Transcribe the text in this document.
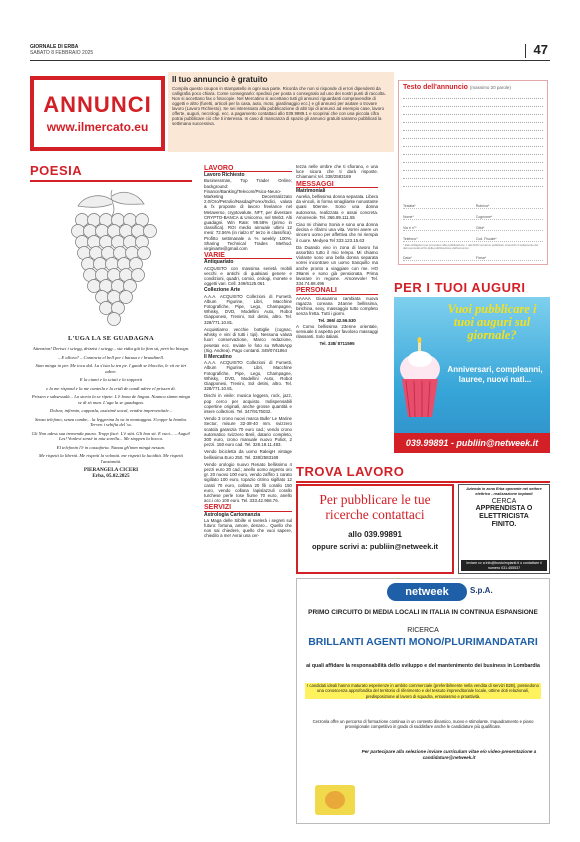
GIORNALE DI ERBA
SABATO 8 FEBBRAIO 2025	47
ANNUNCI
www.ilmercato.eu
Il tuo annuncio è gratuito

Compila questo coupon in stampatello in ogni sua parte. Ricorda che non si risponde di errori dipendenti da calligrafia poco chiara. Come consegnarlo: spedisci per posta o consegnalo ad uno dei nostri punti di raccolta. Non si accettano fax o fotocopie. Nel Mercatino si accettano tutti gli annunci riguardanti compravendite di oggetti e altro (furetti, articoli per la casa, auto, moto, giardinaggio ecc.) e gli annunci per aiutare o trovare lavoro (Lavoro Richiesto). Se sei interessato alla pubblicazione di altri tipi di annunci ad esempio case, lavoro offerte, auguri, necrologi, ecc. a pagamento contattaci allo 039.9989.1 e scoprirai che con una piccola cifra potrai pubblicare ciò che ti interessa. In caso di mancanza di spazio gli annunci gratuiti saranno pubblicati la settimana successiva.

Testo dell'annuncio (massimo 20 parole)
Testata*	Rubrica*
Nome*	Cognome*
Via e n°*	Città*
Telefono*	Cod. Fiscale*
* Dati obbligatori per procedere alla pubblicazione. I dati NON verranno pubblicati. Autorizzo il trattamento dei dati personali ai fini della pubblicazione dell'annuncio.
Data*	Firma*
POESIA
L'UGA LA SE GUADAGNA
Attenzion! Derisci i sciegg, drizzisi i sciegg... sta vidta giù la finn sù, però ho bisogn.
– E allora? – Comincia el bell per i batusa e i brandinell.
Stan minga in per. Me toca dal. La s'ista lu ten pe. I gandi se bloccha, le vit ne tiri adree.
E la ciami e la sciati e la sopporti
e la me rispond e la me canteila e la cridi de candì adree el prissen di.
Prissen e sabsessalà... La storia la se ripete. L'è bona de lingua. Nuanca sùmm minga se dì sò man. L'uga la se guadagna.
Dolsor, infirmin, cappasla, assisimè uocal, vendra impreventiale...
Senza telefono, senza cambe... la leggerina la va in montaggna. S'coppe la bomba. Terven i sebifia del 'ss.
Gli Non adess sua tremenda paura. Tropp fiscè. L'è stàt. Gli bon sit. E vuoi... – Augui! Les! Vonlevi sensè in mia sorella... Me stoppen la bocca.
El telefonin l'è in cassaforta. Nanau gh'imm mingà nessun.
Me rispetti la libertà. Me rispetti la volontà. me rispetti la lucidità. Me rispetti l'anzianità.
PIERANGELA CICERI
Erba, 05.02.2025
LAVORO
Lavoro Richiesto
Businessman, Top Trader Online; background: Finance/Banking/Telecom/Psico-Neuro-Marketing Decentralizzato 2.0/Oro/Petrolio/Nasdaq/Forex/Indici, valuta & fx proposte di lavoro freelance nel Metaverso, cryptovalute, NFT, per diventare CRYPTO-BANCA & Unicorno, nel Web3. Alti guadagni. Win Rate: 99.58% (primo in classifica). ROI medio annuale ultimi 12 mesi: 72.56% (in rialzo 8° terzo in classifica). Profitto settimanale a % weekly 100%. Sharing Technical Trades Method. virginiarte@gmail.com
VARIE
Antiquariato
ACQUISTO con massima serietà mobili vecchi e antichi di qualsiasi genere e condizioni, quadri, comici, orologi, monete e oggetti vari. Cell. 349/6125.061
Collezione Arte
A.A.A. ACQUISTO Collezioni di Fumetti, Album Figurine, Libri, Macchine Fotografiche, Pipe, Lego, Champagne, Whisky, DVD, Modellini Auto, Robot Giapponesi, Trenini, Sol detini, altro. Tel. 328/771.10.81.
Acquistiamo vecchie bottiglie (cognac, whisky e vini di tutti i tipi). Nessuna valuta fuori conservazione, Marco redazione, pesetas ecc. Inviate le foto su WhatsApp (Sig. Andrea). Pago contanti. 349/0741864
Il Mercatino
A.A.A. ACQUISTO Collezioni di Fumetti, Album Figurine, Libri, Macchine Fotografiche, Pipe, Lego, Champagne, Whisky, DVD, Modellini Auto, Robot Giapponesi, Trenini, Sol detini, altro. Tel. 328/771.10.81.
Dischi in vinile: musica leggera, rock, jazz, pop cerco per acquisto. Indispensabili copertine originali, anche grosse quantità e intere collezioni. Tel. 347/9175032.
Vendo 3 crono nuovi marca Bulle' Le Marine Sector, misure 32-38-40 mm. svizzero scatola garanzia 70 euro cad.; vendo crono automatico svizzero Breil, datario completo, 300 euro, crono manuale nuovo Poliot, 2 pezzi. 150 euro cad. Tel. 328.18.11.483.
Vendo bicicletta da uomo RaleigH vintage bellissima Euro 250. Tel. 338/2583169
Vendo orologio nuovo Renato bellissimo 4 pezzi euro 20 cad.; anello uomo argento oro gr. 20 nuovo 100 euro, vendo zaffiro 1 carato sigillato 100 euro, topazio citrino sigillato 12 carati 70 euro, collana 20 fili corallo 150 euro, vendo collana lapislazzuli corallo turchese perle rose fiume 70 euro, anello acc.i oro 100 euro. Tel. 333.42.966.76.
SERVIZI
Astrologia Cartomanzia
La Maga delle Sibille vi svelerà i segreti sul futuro: fortuna, amore, denaro... Quello che non sai chiedere, quello che vuoi sapere, chiedilo a me! Avrai una cer-
tezza nelle ombre che ti sfiorano, e una luce sicura che ti darà risposte. Chiamami: tel. 338/2583169
MESSAGGI
Matrimoniali
Aurelia, bellissima donna separata. Libera da vincoli, in forma smagliante nonostante quasi 50enne. Sono una donna autonoma, realizzata e assai concreta. Amorevole. Tel. 366.89.111.55
Ciao mi chiamo Sonia e sono una donna decisa e rifarmi una vita. Vorrei avere un sincero uomo per affettiva che mi riempia il cuore. Medyea Tel 333.123.15.63
Da Duando vivo in zona di lavoro ha assorbito tutto il mio tempo. Mi chiamo Violante sono una bella donna separata vorrei incontrare un uomo tranquillo ma anche pronto a viaggiare con me. HO 39anni e sono già pensionata. Prima lavorare in regione. Amorevole! Tel. 334.74.88.496
PERSONALI
AAAAA Giusuanno cambiata nuova ragazza coreana 24anne bellissima, birichina, sexy, massaggio tutto completo senza fretta. Tutti i giorni.
Tel. 366/ 42.56.530
A Como bellissima 23enne orientale, sensuale ti aspetta per favoloso massaggi rilassanti. Solo italiani.
Tel. 338/ 8711595
PER I TUOI AUGURI
Vuoi pubblicare i tuoi auguri sul giornale?
Anniversari, compleanni, lauree, nuovi nati...
039.99891 - publiin@netweek.it
TROVA LAVORO
Per pubblicare le tue ricerche contattaci
allo 039.99891
oppure scrivi a: publiin@netweek.it
Azienda in zona Erba operante nel settore elettrico - realizzazione impianti
CERCA
APPRENDISTA O ELETTRICISTA
FINITO.
Inviare cv a info@bustoimpianti.it o contattare il numero 031.455537
netweek	S.p.A.
PRIMO CIRCUITO DI MEDIA LOCALI IN ITALIA IN CONTINUA ESPANSIONE
RICERCA
BRILLANTI AGENTI MONO/PLURIMANDATARI
ai quali affidare la responsabilità dello sviluppo e del mantenimento dei business in Lombardia
I candidati ideali hanno maturato esperienze in ambito commerciale (preferibilmente nella vendita di servizi B2B), possiedono una conoscenza approfondita del territorio di riferimento e del tessuto imprenditoriale locale, ottime doti relazionali, predisposizione al lavoro di squadra, entusiasmo e proattività.
Cerzonla offre un percorso di formazione continua in un contesto dinamico, nuovo e stimolante. Inquadramento e piano provvigionale competitivo in grado di soddisfare anche le candidature più qualificate.
Per partecipare alla selezione inviare curriculum vitae e/o video-presentazione a candidature@netweek.it
